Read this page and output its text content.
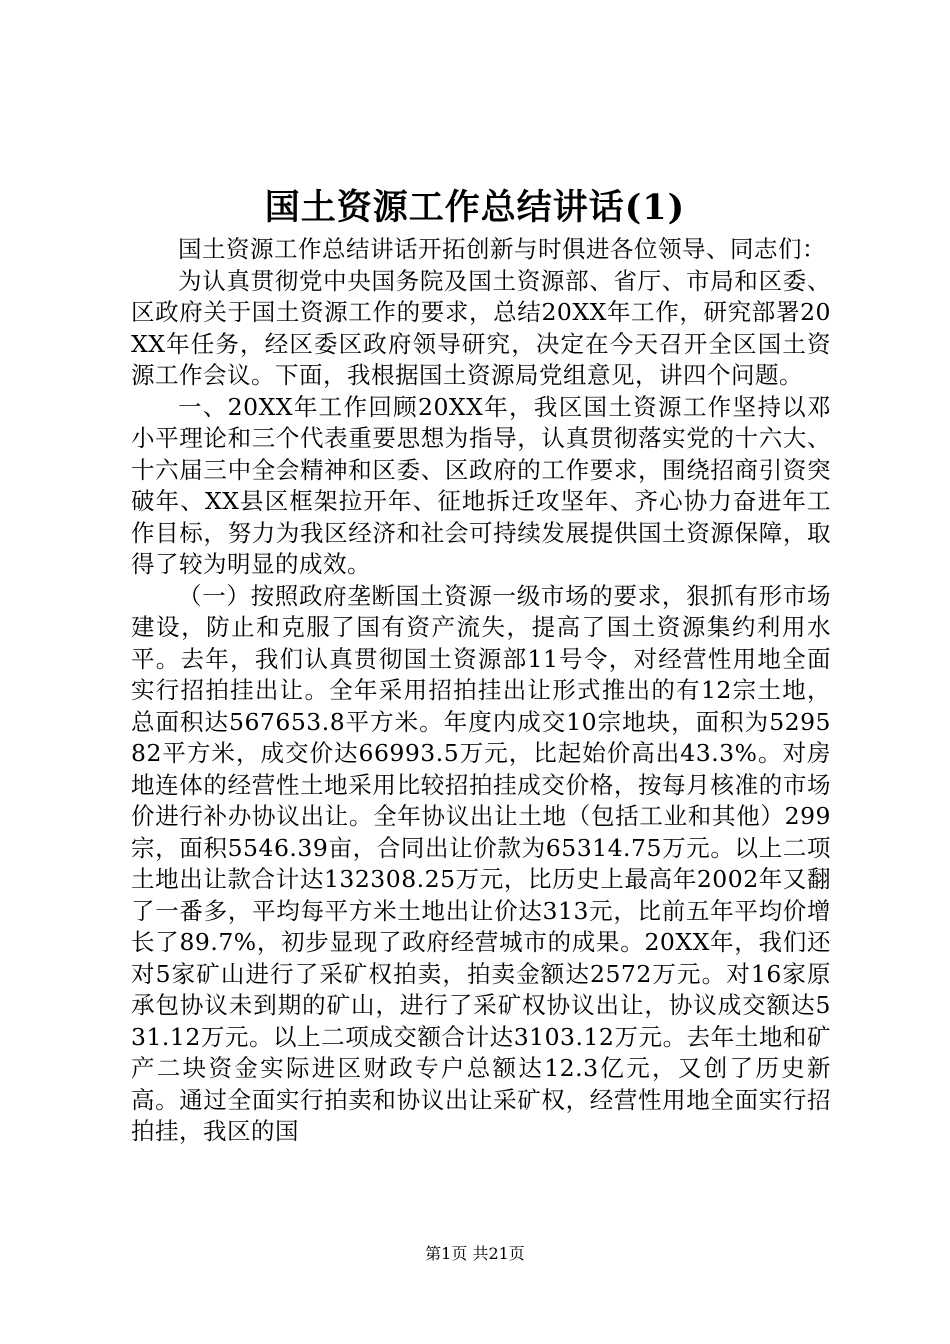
国土资源工作总结讲话(1)

国土资源工作总结讲话开拓创新与时俱进各位领导、同志们：

为认真贯彻党中央国务院及国土资源部、省厅、市局和区委、区政府关于国土资源工作的要求，总结20XX年工作，研究部署20XX年任务，经区委区政府领导研究，决定在今天召开全区国土资源工作会议。下面，我根据国土资源局党组意见，讲四个问题。

一、20XX年工作回顾20XX年，我区国土资源工作坚持以邓小平理论和三个代表重要思想为指导，认真贯彻落实党的十六大、十六届三中全会精神和区委、区政府的工作要求，围绕招商引资突破年、XX县区框架拉开年、征地拆迁攻坚年、齐心协力奋进年工作目标，努力为我区经济和社会可持续发展提供国土资源保障，取得了较为明显的成效。

（一）按照政府垄断国土资源一级市场的要求，狠抓有形市场建设，防止和克服了国有资产流失，提高了国土资源集约利用水平。去年，我们认真贯彻国土资源部11号令，对经营性用地全面实行招拍挂出让。全年采用招拍挂出让形式推出的有12宗土地，总面积达567653.8平方米。年度内成交10宗地块，面积为529582平方米，成交价达66993.5万元，比起始价高出43.3%。对房地连体的经营性土地采用比较招拍挂成交价格，按每月核准的市场价进行补办协议出让。全年协议出让土地（包括工业和其他）299宗，面积5546.39亩，合同出让价款为65314.75万元。以上二项土地出让款合计达132308.25万元，比历史上最高年2002年又翻了一番多，平均每平方米土地出让价达313元，比前五年平均价增长了89.7%，初步显现了政府经营城市的成果。20XX年，我们还对5家矿山进行了采矿权拍卖，拍卖金额达2572万元。对16家原承包协议未到期的矿山，进行了采矿权协议出让，协议成交额达531.12万元。以上二项成交额合计达3103.12万元。去年土地和矿产二块资金实际进区财政专户总额达12.3亿元，又创了历史新高。通过全面实行拍卖和协议出让采矿权，经营性用地全面实行招拍挂，我区的国

第1页 共21页
